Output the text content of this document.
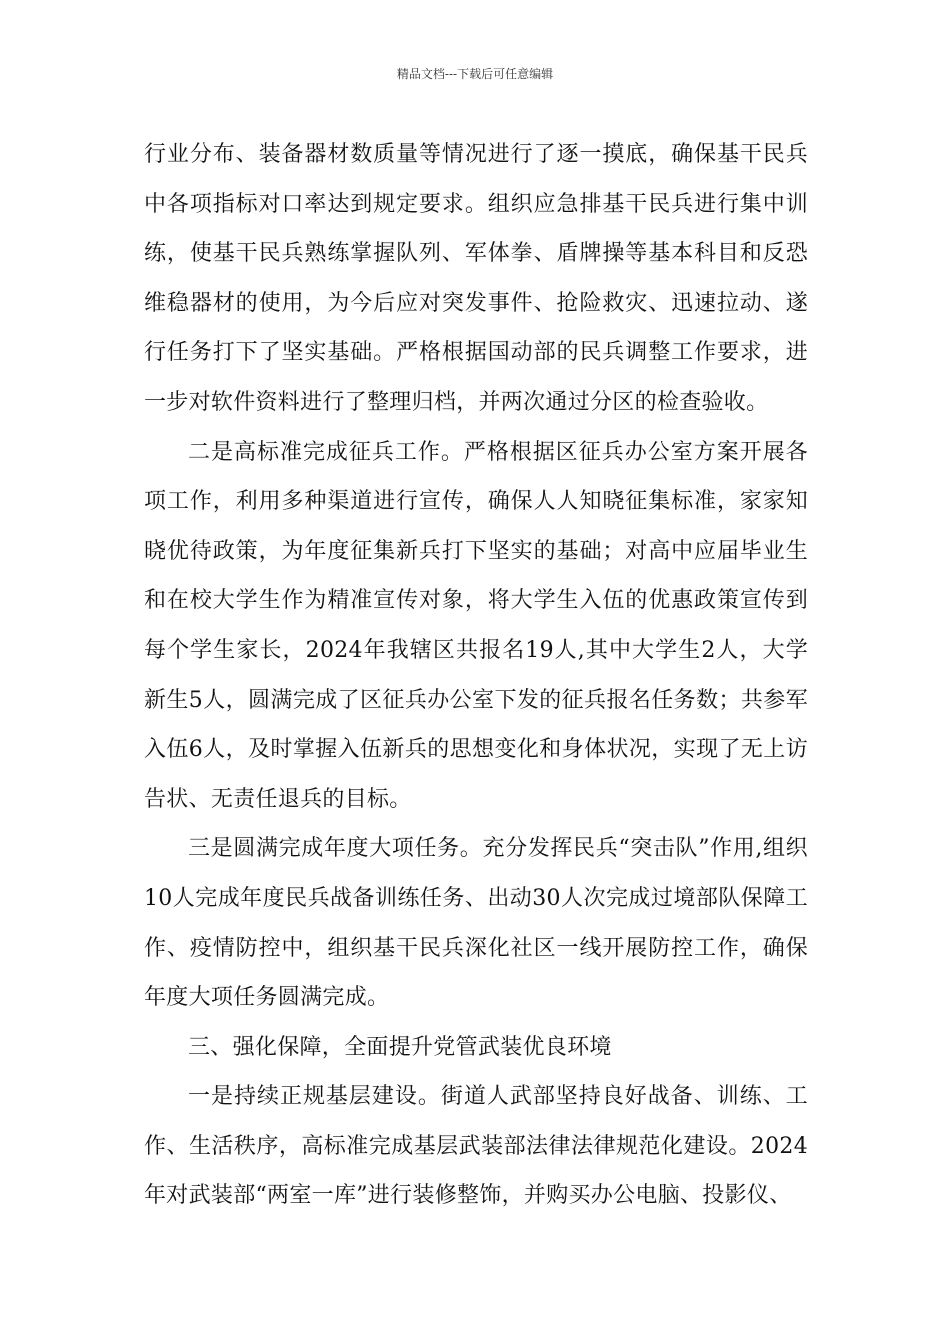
精品文档---下载后可任意编辑

行业分布、装备器材数质量等情况进行了逐一摸底，确保基干民兵中各项指标对口率达到规定要求。组织应急排基干民兵进行集中训练，使基干民兵熟练掌握队列、军体拳、盾牌操等基本科目和反恐维稳器材的使用，为今后应对突发事件、抢险救灾、迅速拉动、遂行任务打下了坚实基础。严格根据国动部的民兵调整工作要求，进一步对软件资料进行了整理归档，并两次通过分区的检查验收。

二是高标准完成征兵工作。严格根据区征兵办公室方案开展各项工作，利用多种渠道进行宣传，确保人人知晓征集标准，家家知晓优待政策，为年度征集新兵打下坚实的基础；对高中应届毕业生和在校大学生作为精准宣传对象，将大学生入伍的优惠政策宣传到每个学生家长，2024年我辖区共报名19人,其中大学生2人，大学新生5人，圆满完成了区征兵办公室下发的征兵报名任务数；共参军入伍6人，及时掌握入伍新兵的思想变化和身体状况，实现了无上访告状、无责任退兵的目标。

三是圆满完成年度大项任务。充分发挥民兵“突击队”作用,组织10人完成年度民兵战备训练任务、出动30人次完成过境部队保障工作、疫情防控中，组织基干民兵深化社区一线开展防控工作，确保年度大项任务圆满完成。

三、强化保障，全面提升党管武装优良环境

一是持续正规基层建设。街道人武部坚持良好战备、训练、工作、生活秩序，高标准完成基层武装部法律法律规范化建设。2024年对武装部“两室一库”进行装修整饰，并购买办公电脑、投影仪、
